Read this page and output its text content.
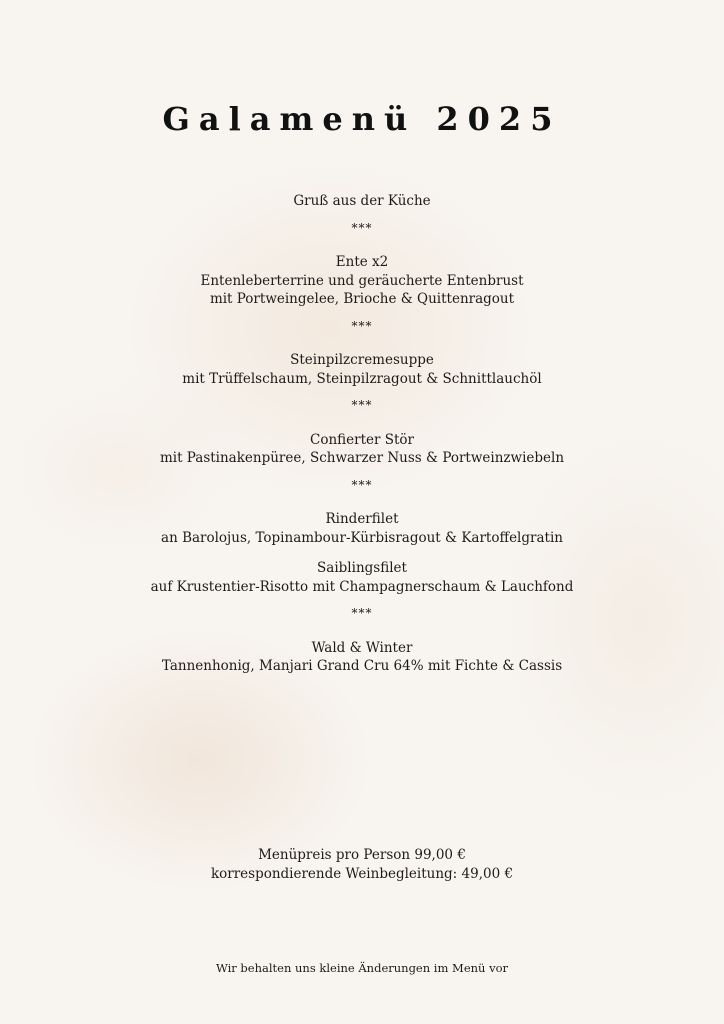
Galamenü 2025
Gruß aus der Küche
***
Ente x2
Entenleberterrine und geräucherte Entenbrust
mit Portweingelee, Brioche & Quittenragout
***
Steinpilzcremesuppe
mit Trüffelschaum, Steinpilzragout & Schnittlauchöl
***
Confierter Stör
mit Pastinakenpüree, Schwarzer Nuss & Portweinzwiebeln
***
Rinderfilet
an Barolojus, Topinambour-Kürbisragout & Kartoffelgratin
Saiblingsfilet
auf Krustentier-Risotto mit Champagnerschaum & Lauchfond
***
Wald & Winter
Tannenhonig, Manjari Grand Cru 64% mit Fichte & Cassis
Menüpreis pro Person 99,00 €
korrespondierende Weinbegleitung: 49,00 €
Wir behalten uns kleine Änderungen im Menü vor
